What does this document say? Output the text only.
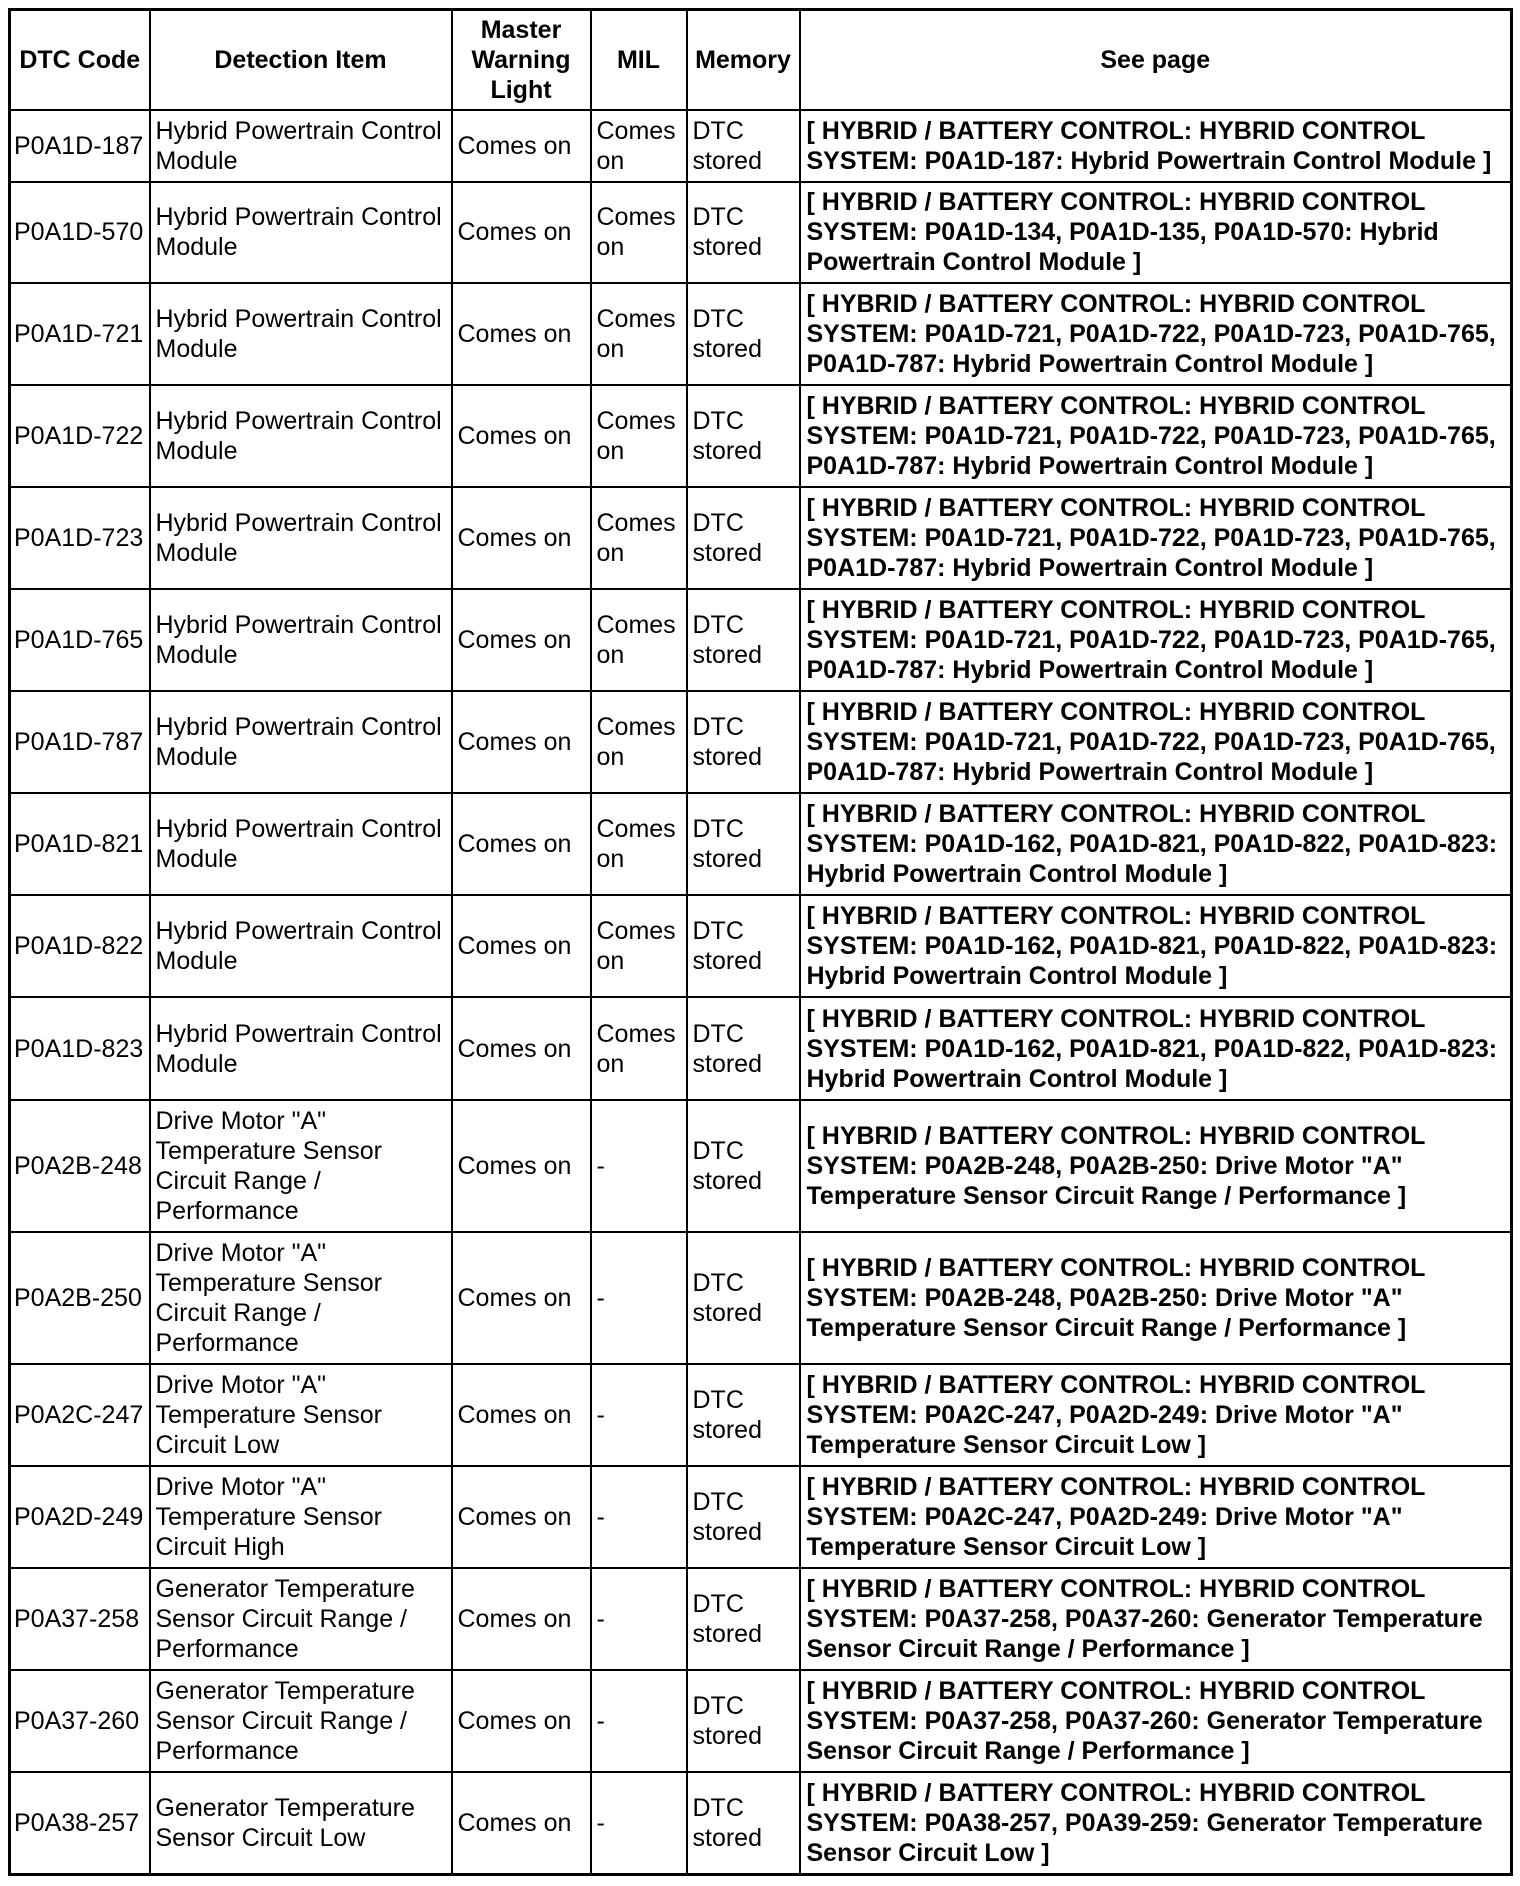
DTC Code	Detection Item	Master Warning Light	MIL	Memory	See page
P0A1D-187	Hybrid Powertrain Control Module	Comes on	Comes on	DTC stored	[ HYBRID / BATTERY CONTROL: HYBRID CONTROL SYSTEM: P0A1D-187: Hybrid Powertrain Control Module ]
P0A1D-570	Hybrid Powertrain Control Module	Comes on	Comes on	DTC stored	[ HYBRID / BATTERY CONTROL: HYBRID CONTROL SYSTEM: P0A1D-134, P0A1D-135, P0A1D-570: Hybrid Powertrain Control Module ]
P0A1D-721	Hybrid Powertrain Control Module	Comes on	Comes on	DTC stored	[ HYBRID / BATTERY CONTROL: HYBRID CONTROL SYSTEM: P0A1D-721, P0A1D-722, P0A1D-723, P0A1D-765, P0A1D-787: Hybrid Powertrain Control Module ]
P0A1D-722	Hybrid Powertrain Control Module	Comes on	Comes on	DTC stored	[ HYBRID / BATTERY CONTROL: HYBRID CONTROL SYSTEM: P0A1D-721, P0A1D-722, P0A1D-723, P0A1D-765, P0A1D-787: Hybrid Powertrain Control Module ]
P0A1D-723	Hybrid Powertrain Control Module	Comes on	Comes on	DTC stored	[ HYBRID / BATTERY CONTROL: HYBRID CONTROL SYSTEM: P0A1D-721, P0A1D-722, P0A1D-723, P0A1D-765, P0A1D-787: Hybrid Powertrain Control Module ]
P0A1D-765	Hybrid Powertrain Control Module	Comes on	Comes on	DTC stored	[ HYBRID / BATTERY CONTROL: HYBRID CONTROL SYSTEM: P0A1D-721, P0A1D-722, P0A1D-723, P0A1D-765, P0A1D-787: Hybrid Powertrain Control Module ]
P0A1D-787	Hybrid Powertrain Control Module	Comes on	Comes on	DTC stored	[ HYBRID / BATTERY CONTROL: HYBRID CONTROL SYSTEM: P0A1D-721, P0A1D-722, P0A1D-723, P0A1D-765, P0A1D-787: Hybrid Powertrain Control Module ]
P0A1D-821	Hybrid Powertrain Control Module	Comes on	Comes on	DTC stored	[ HYBRID / BATTERY CONTROL: HYBRID CONTROL SYSTEM: P0A1D-162, P0A1D-821, P0A1D-822, P0A1D-823: Hybrid Powertrain Control Module ]
P0A1D-822	Hybrid Powertrain Control Module	Comes on	Comes on	DTC stored	[ HYBRID / BATTERY CONTROL: HYBRID CONTROL SYSTEM: P0A1D-162, P0A1D-821, P0A1D-822, P0A1D-823: Hybrid Powertrain Control Module ]
P0A1D-823	Hybrid Powertrain Control Module	Comes on	Comes on	DTC stored	[ HYBRID / BATTERY CONTROL: HYBRID CONTROL SYSTEM: P0A1D-162, P0A1D-821, P0A1D-822, P0A1D-823: Hybrid Powertrain Control Module ]
P0A2B-248	Drive Motor "A" Temperature Sensor Circuit Range / Performance	Comes on	-	DTC stored	[ HYBRID / BATTERY CONTROL: HYBRID CONTROL SYSTEM: P0A2B-248, P0A2B-250: Drive Motor "A" Temperature Sensor Circuit Range / Performance ]
P0A2B-250	Drive Motor "A" Temperature Sensor Circuit Range / Performance	Comes on	-	DTC stored	[ HYBRID / BATTERY CONTROL: HYBRID CONTROL SYSTEM: P0A2B-248, P0A2B-250: Drive Motor "A" Temperature Sensor Circuit Range / Performance ]
P0A2C-247	Drive Motor "A" Temperature Sensor Circuit Low	Comes on	-	DTC stored	[ HYBRID / BATTERY CONTROL: HYBRID CONTROL SYSTEM: P0A2C-247, P0A2D-249: Drive Motor "A" Temperature Sensor Circuit Low ]
P0A2D-249	Drive Motor "A" Temperature Sensor Circuit High	Comes on	-	DTC stored	[ HYBRID / BATTERY CONTROL: HYBRID CONTROL SYSTEM: P0A2C-247, P0A2D-249: Drive Motor "A" Temperature Sensor Circuit Low ]
P0A37-258	Generator Temperature Sensor Circuit Range / Performance	Comes on	-	DTC stored	[ HYBRID / BATTERY CONTROL: HYBRID CONTROL SYSTEM: P0A37-258, P0A37-260: Generator Temperature Sensor Circuit Range / Performance ]
P0A37-260	Generator Temperature Sensor Circuit Range / Performance	Comes on	-	DTC stored	[ HYBRID / BATTERY CONTROL: HYBRID CONTROL SYSTEM: P0A37-258, P0A37-260: Generator Temperature Sensor Circuit Range / Performance ]
P0A38-257	Generator Temperature Sensor Circuit Low	Comes on	-	DTC stored	[ HYBRID / BATTERY CONTROL: HYBRID CONTROL SYSTEM: P0A38-257, P0A39-259: Generator Temperature Sensor Circuit Low ]
